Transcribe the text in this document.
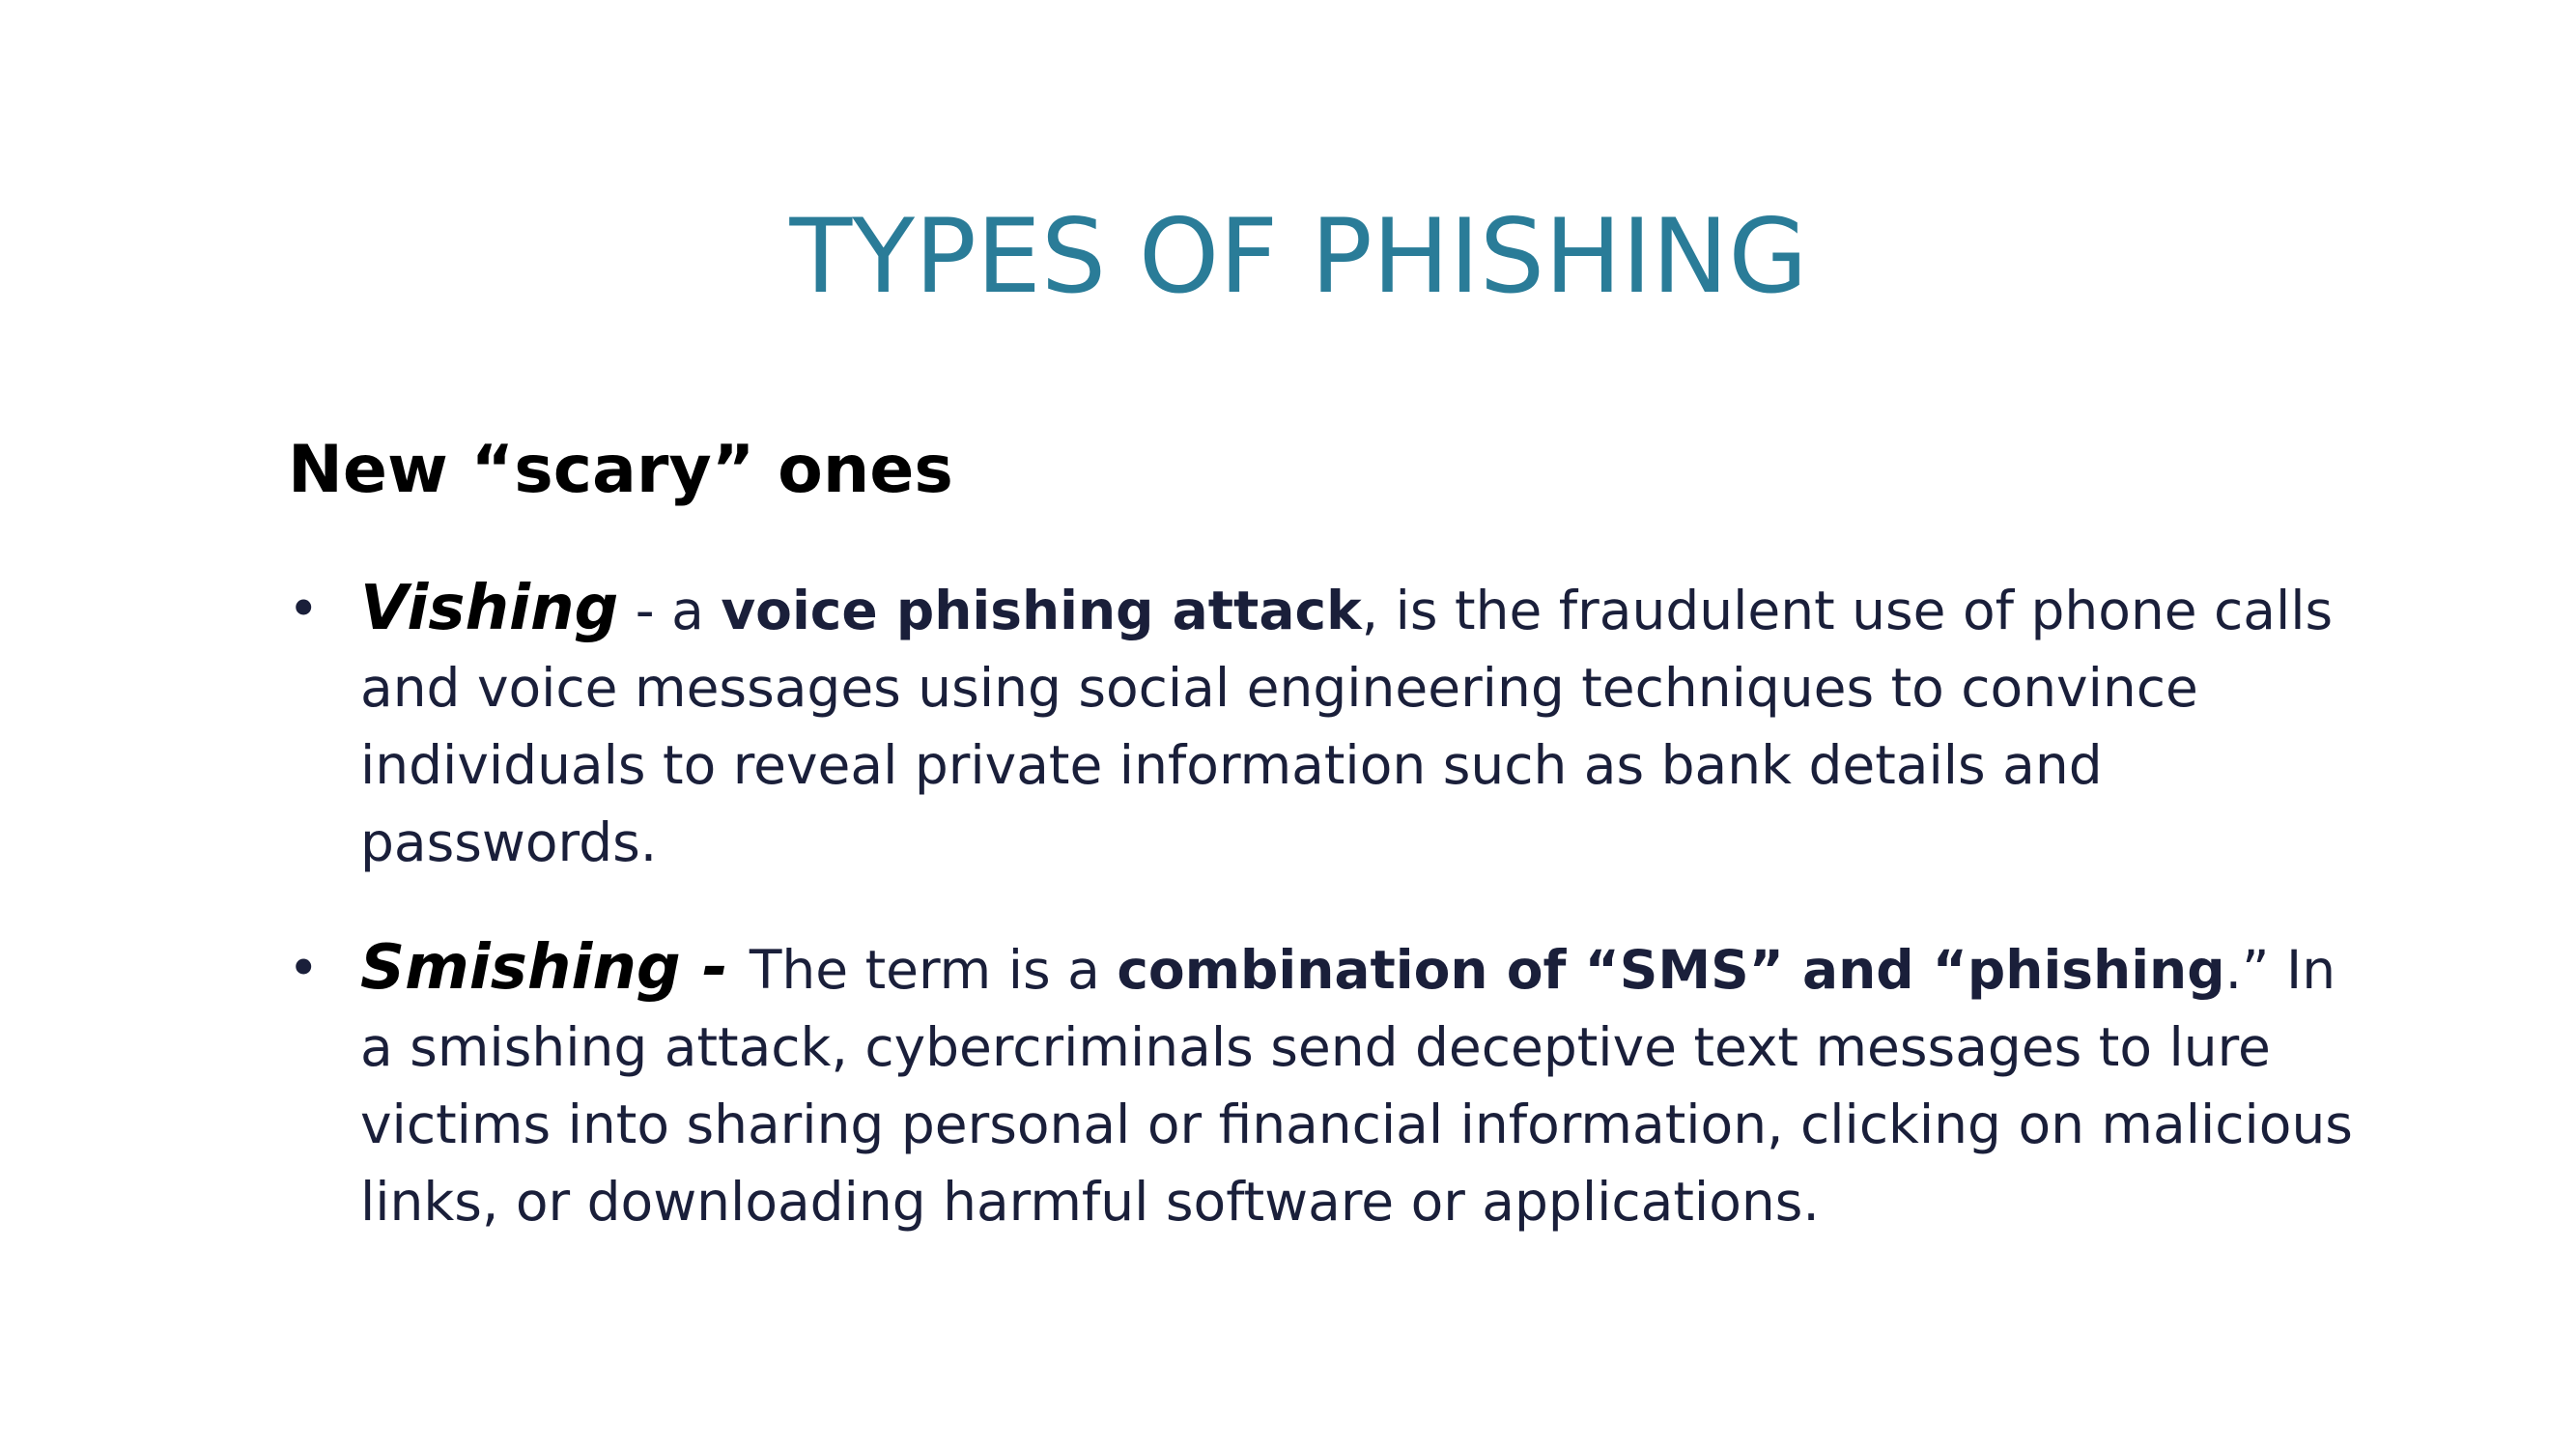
TYPES OF PHISHING
New “scary” ones
• Vishing - a voice phishing attack, is the fraudulent use of phone calls and voice messages using social engineering techniques to convince individuals to reveal private information such as bank details and passwords.
• Smishing - The term is a combination of “SMS” and “phishing.” In a smishing attack, cybercriminals send deceptive text messages to lure victims into sharing personal or financial information, clicking on malicious links, or downloading harmful software or applications.
